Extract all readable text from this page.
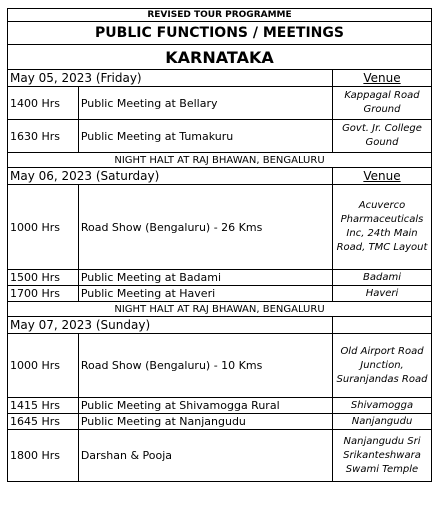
REVISED TOUR PROGRAMME		
PUBLIC FUNCTIONS / MEETINGS		
KARNATAKA		
May 05, 2023 (Friday)		Venue
1400 Hrs	Public Meeting at Bellary	Kappagal Road Ground
1630 Hrs	Public Meeting at Tumakuru	Govt. Jr. College Gound
NIGHT HALT AT RAJ BHAWAN, BENGALURU		
May 06, 2023 (Saturday)		Venue
1000 Hrs	Road Show (Bengaluru) - 26 Kms	Acuverco Pharmaceuticals Inc, 24th Main Road, TMC Layout
1500 Hrs	Public Meeting at Badami	Badami
1700 Hrs	Public Meeting at Haveri	Haveri
NIGHT HALT AT RAJ BHAWAN, BENGALURU		
May 07, 2023 (Sunday)		
1000 Hrs	Road Show (Bengaluru) - 10 Kms	Old Airport Road Junction, Suranjandas Road
1415 Hrs	Public Meeting at Shivamogga Rural	Shivamogga
1645 Hrs	Public Meeting at Nanjangudu	Nanjangudu
1800 Hrs	Darshan & Pooja	Nanjangudu Sri Srikanteshwara Swami Temple
